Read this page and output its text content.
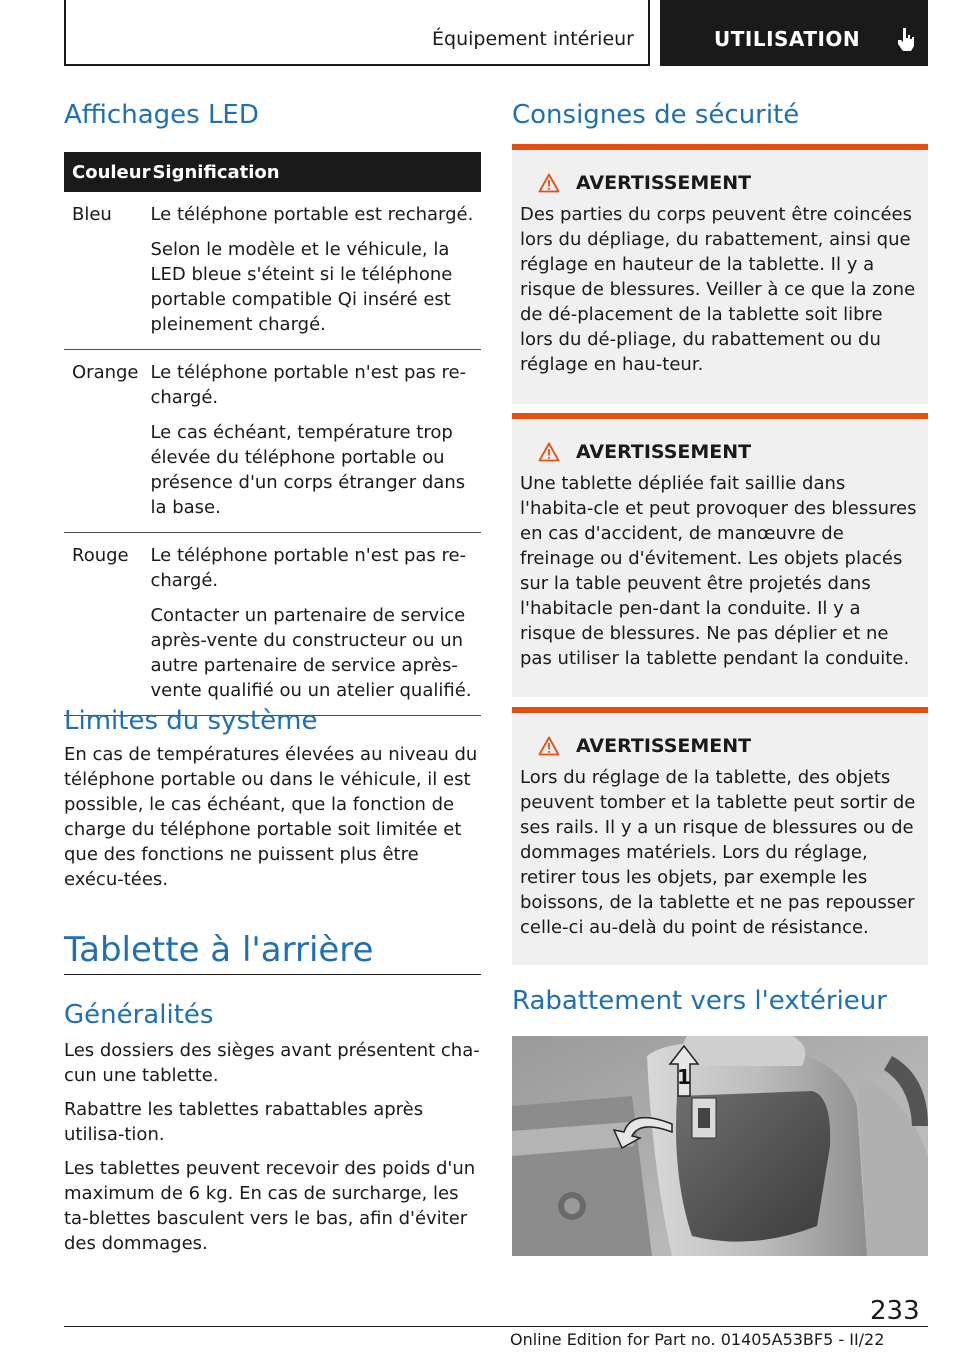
Équipement intérieur	UTILISATION
Affichages LED
Couleur	Signification
Bleu	Le téléphone portable est rechargé.

Selon le modèle et le véhicule, la LED bleue s'éteint si le téléphone portable compatible Qi inséré est pleinement chargé.

Orange	Le téléphone portable n'est pas re‐chargé.

Le cas échéant, température trop élevée du téléphone portable ou présence d'un corps étranger dans la base.

Rouge	Le téléphone portable n'est pas re‐chargé.

Contacter un partenaire de service après-vente du constructeur ou un autre partenaire de service après-vente qualifié ou un atelier qualifié.

Limites du système

En cas de températures élevées au niveau du téléphone portable ou dans le véhicule, il est possible, le cas échéant, que la fonction de charge du téléphone portable soit limitée et que des fonctions ne puissent plus être exécu‐tées.

Tablette à l'arrière
Généralités

Les dossiers des sièges avant présentent cha‐cun une tablette.

Rabattre les tablettes rabattables après utilisa‐tion.

Les tablettes peuvent recevoir des poids d'un maximum de 6 kg. En cas de surcharge, les ta‐blettes basculent vers le bas, afin d'éviter des dommages.

Consignes de sécurité
AVERTISSEMENT
Des parties du corps peuvent être coincées lors du dépliage, du rabattement, ainsi que réglage en hauteur de la tablette. Il y a risque de blessures. Veiller à ce que la zone de dé‐placement de la tablette soit libre lors du dé‐pliage, du rabattement ou du réglage en hau‐teur.
AVERTISSEMENT
Une tablette dépliée fait saillie dans l'habita‐cle et peut provoquer des blessures en cas d'accident, de manœuvre de freinage ou d'évitement. Les objets placés sur la table peuvent être projetés dans l'habitacle pen‐dant la conduite. Il y a risque de blessures. Ne pas déplier et ne pas utiliser la tablette pendant la conduite.
AVERTISSEMENT
Lors du réglage de la tablette, des objets peuvent tomber et la tablette peut sortir de ses rails. Il y a un risque de blessures ou de dommages matériels. Lors du réglage, retirer tous les objets, par exemple les boissons, de la tablette et ne pas repousser celle-ci au-delà du point de résistance.
Rabattement vers l'extérieur
1
233
Online Edition for Part no. 01405A53BF5 - II/22
